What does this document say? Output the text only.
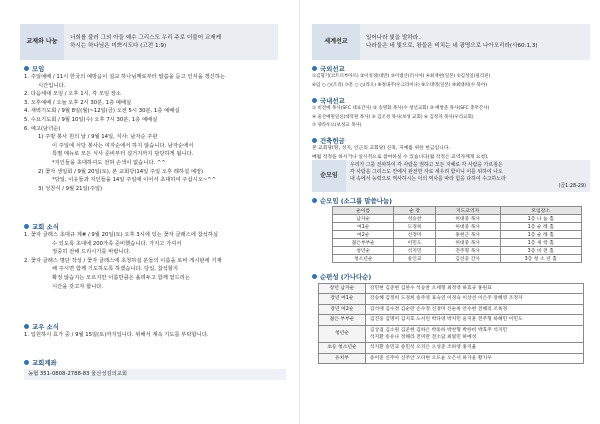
교제와 나눔	너희를 불러 그의 아들 예수 그리스도 우리 주로 더불어 교제케
하시는 하나님은 미쁘시도다 (고전 1:9)
모임
1. 주일예배 / 11시 한국의 예방음이 설교 하나님께로부터 말씀을 듣고 인식을 갱신하는
시간입니다.
2. 다음세대 모임 / 오후 1시, 각 모임 장소
3. 오후예배 / 오늘 오후 2시 30분, 1층 예배실
4. 새벽기도회 / 9월 8일(월)~12일(금) 오전 5시 30분, 1층 예배실
5. 수요기도회 / 9월 10일(수) 오후 7시 30분, 1층 예배실
6. 예고(남녀순)
1) 주방 봉사 원의 날 / 9월 14일, 식사: 남자순 주관
이 주일에 식당 봉사는 여자순에서 하지 않습니다. 남자순에서
특별 메뉴로 모든 식사 준비부터 설거지까지 담당하게 됩니다.
*지인들을 초대하셔도 전혀 손색이 없습니다. ^^
2) 꽃자 생일회 / 9월 20일(토), 본 교회당(14일 주일 오후 레하설 예정)
*당일, 이웃들과 지인들을 14일 주일에 이어서 초대하여 주십시오~^^
3) 성찬식 / 9월 21일(주일)
교회 소식
1. 꽃자 클래스 초대규 제# / 9월 20일(토) 오후 3시에 있는 꽃자 클래스에 참석하실
수 있도록 초대에 200가족 준비했습니다. 가지고 가셔서
정중히 전해 드리시기를 바랍니다.
2. 꽃자 클래스 명단 작성 / 꽃자 클래스에 초청하실 분들의 이름을 로비 게시판에 기재
해 주시면 함께 기도하도록 하겠습니다. 당일, 참석할지
확정 않습지는 모르지만 이름만큼은 올려두고 함께 얻드리는
시간을 갖고자 합니다.
교우 소식
1. 입원하시 효가 중 / 9월 15일(토)까지입니다. 위해서 계속 기도를 부탁합니다.
교회계좌
농협 351-0808-2788-83 울산성김의교회
세계선교	일어나라 빛을 발하라..
나라들은 네 빛으로, 왕들은 비치는 네 광명으로 나아오리라(사60:1,3)
국외선교
①김형기(코트디부아르) ②이성경(대만) ③이범산(러시아) ④최재현(일본) ⑤김성일(필리핀)
⑥임 ○ ○(조리) ⑦문 ○ ○(라오) ⑧정내주(우크라이나) ⑨오대영(일본) ⑩최대희(수 북아)
국내선교
① 비전예 목사(SFC 대표간사) ② 송명화 목사(수 청년교회) ③ 배쌍준 목사(SFC 총무간사)
④ 울산예원일신(대학원 목사) ⑤ 김조성 목사(보성 교회) ⑥ 김정자 목사(우리교회)
⑦ 양라우으(보성교 목사)
건축헌금
본 교회당(땅, 성지, 인근의 교회당) 신축, 지예를 위한 헌금입니다.
매월 작정을 하시거나 일시적으로 참여하실 수 있습니다(월 작정은 교역자께게 요청).
순모임
우리가 그를 전파하여 각 사람을 권하고 모든 지혜로 각 사람을 가르침은
각 사람을 그리스도 안에서 완전한 자로 세우려 함이니 이를 위하여 나도
내 속에서 능력으로 역사하시는 이의 역사를 따라 힘을 다하여 수고하노라
(골1:28-29)
순모임 (소그룹 말씀나눔)
순이름	순 장	지도교역자	모임장소
남자순	석승찬	허대중 목사	1층 나 눔 홀
여1순	도경희	허대중 목사	1층 순 례 홀
여2순	신정미	홍현근 목사	1층 순 례 홀
젊은부부순	이민도	허대중 목사	1층 새 싹 홀
청년순	석지민	전주형 목사	3층 비 전 홀
청소년순	송인교	김선웅 간사	3층 청 소 년 홀
순편성 (가나다순)
장년 남자순	강민현 김준현 김한수 석승찬 오세형 최정영 하효규 홍원표

장년 여1순	강승혜 김정희 도경희 송주영 표숙연 이경숙 이상선 이은주 장혜영 조정자

장년 여2순	김석애 김수정 김순란 손수정 신경미 신순옥 안수현 전해리 조옥경

젊은 부부순	김진웅 김명미 김지호 노서린 박다영 박지민 윤지훈 전주형 하혜민 이민도

청년순	김상겸 김소원 김준현 김하은 박동하 박찬형 박한비 박효주 석지민
석지환 송유나 정해라 전미란 전소담 최빛민 하예성

초등 청소년순	석지환 송민교 송민석 오지은 오성준 조하영 홍지율

유치부	송어준 신주아 신주안 오다현 오도윤 오은서 하가윤 황지우
